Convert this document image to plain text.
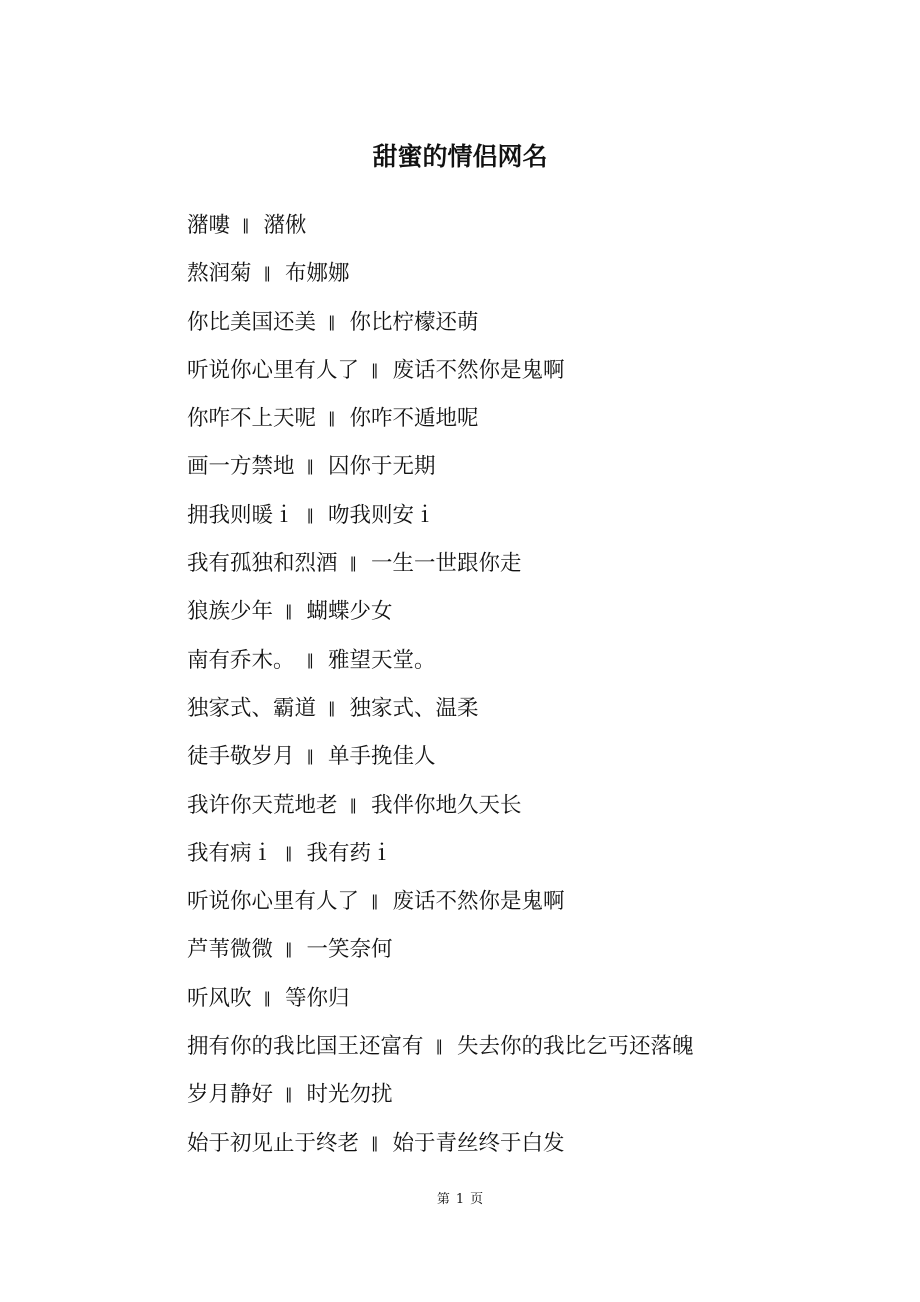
甜蜜的情侣网名
潴嘍 ‖ 潴偢
熬润菊 ‖ 布娜娜
你比美国还美 ‖ 你比柠檬还萌
听说你心里有人了 ‖ 废话不然你是鬼啊
你咋不上天呢 ‖ 你咋不遁地呢
画一方禁地 ‖ 囚你于无期
拥我则暖ｉ ‖ 吻我则安ｉ
我有孤独和烈酒 ‖ 一生一世跟你走
狼族少年 ‖ 蝴蝶少女
南有乔木。 ‖ 雅望天堂。
独家式、霸道 ‖ 独家式、温柔
徒手敬岁月 ‖ 单手挽佳人
我许你天荒地老 ‖ 我伴你地久天长
我有病ｉ ‖ 我有药ｉ
听说你心里有人了 ‖ 废话不然你是鬼啊
芦苇微微 ‖ 一笑奈何
听风吹 ‖ 等你归
拥有你的我比国王还富有 ‖ 失去你的我比乞丐还落魄
岁月静好 ‖ 时光勿扰
始于初见止于终老 ‖ 始于青丝终于白发
第 1 页
